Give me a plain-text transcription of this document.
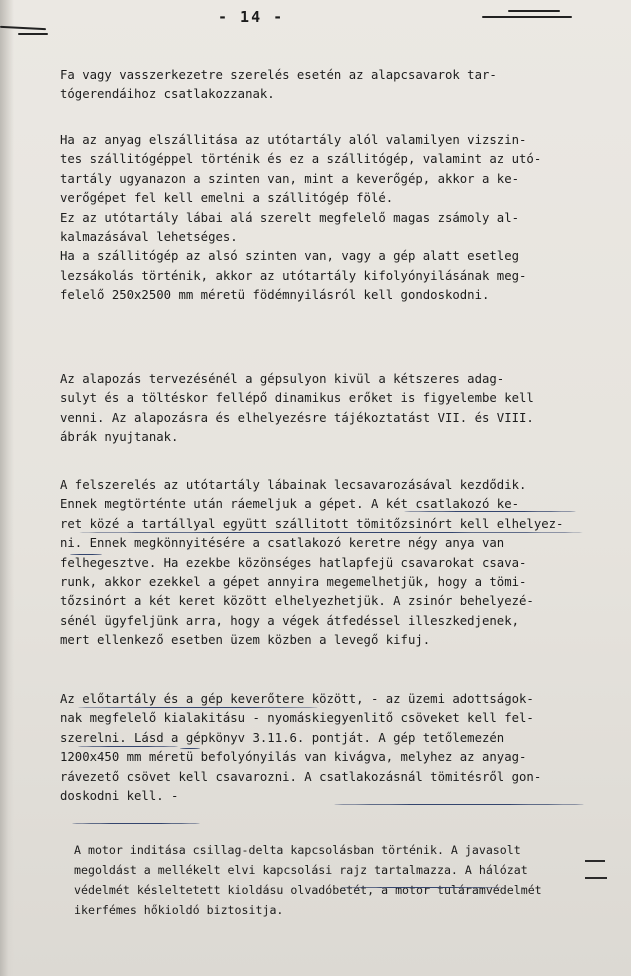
- 14 -
Fa vagy vasszerkezetre szerelés esetén az alapcsavarok tar-
tógerendáihoz csatlakozzanak.
Ha az anyag elszállitása az utótartály alól valamilyen vizszin-
tes szállitógéppel történik és ez a szállitógép, valamint az utó-
tartály ugyanazon a szinten van, mint a keverőgép, akkor a ke-
verőgépet fel kell emelni a szállitógép fölé.
Ez az utótartály lábai alá szerelt megfelelő magas zsámoly al-
kalmazásával lehetséges.
Ha a szállitógép az alsó szinten van, vagy a gép alatt esetleg
lezsákolás történik, akkor az utótartály kifolyónyilásának meg-
felelő 250x2500 mm méretü födémnyilásról kell gondoskodni.
Az alapozás tervezésénél a gépsulyon kivül a kétszeres adag-
sulyt és a töltéskor fellépő dinamikus erőket is figyelembe kell
venni. Az alapozásra és elhelyezésre tájékoztatást VII. és VIII.
ábrák nyujtanak.
A felszerelés az utótartály lábainak lecsavarozásával kezdődik.
Ennek megtörténte után ráemeljuk a gépet. A két csatlakozó ke-
ret közé a tartállyal együtt szállitott tömitőzsinórt kell elhelyez-
ni. Ennek megkönnyitésére a csatlakozó keretre négy anya van
felhegesztve. Ha ezekbe közönséges hatlapfejü csavarokat csava-
runk, akkor ezekkel a gépet annyira megemelhetjük, hogy a tömi-
tőzsinórt a két keret között elhelyezhetjük. A zsinór behelyezé-
sénél ügyfeljünk arra, hogy a végek átfedéssel illeszkedjenek,
mert ellenkező esetben üzem közben a levegő kifuj.
Az előtartály és a gép keverőtere között, - az üzemi adottságok-
nak megfelelő kialakitásu - nyomáskiegyenlitő csöveket kell fel-
szerelni. Lásd a gépkönyv 3.11.6. pontját. A gép tetőlemezén
1200x450 mm méretü befolyónyilás van kivágva, melyhez az anyag-
rávezető csövet kell csavarozni. A csatlakozásnál tömitésről gon-
doskodni kell. -
A motor inditása csillag-delta kapcsolásban történik. A javasolt
megoldást a mellékelt elvi kapcsolási rajz tartalmazza. A hálózat
védelmét késleltetett kioldásu olvadóbetét, a motor tuláramvédelmét
ikerfémes hőkioldó biztositja.
